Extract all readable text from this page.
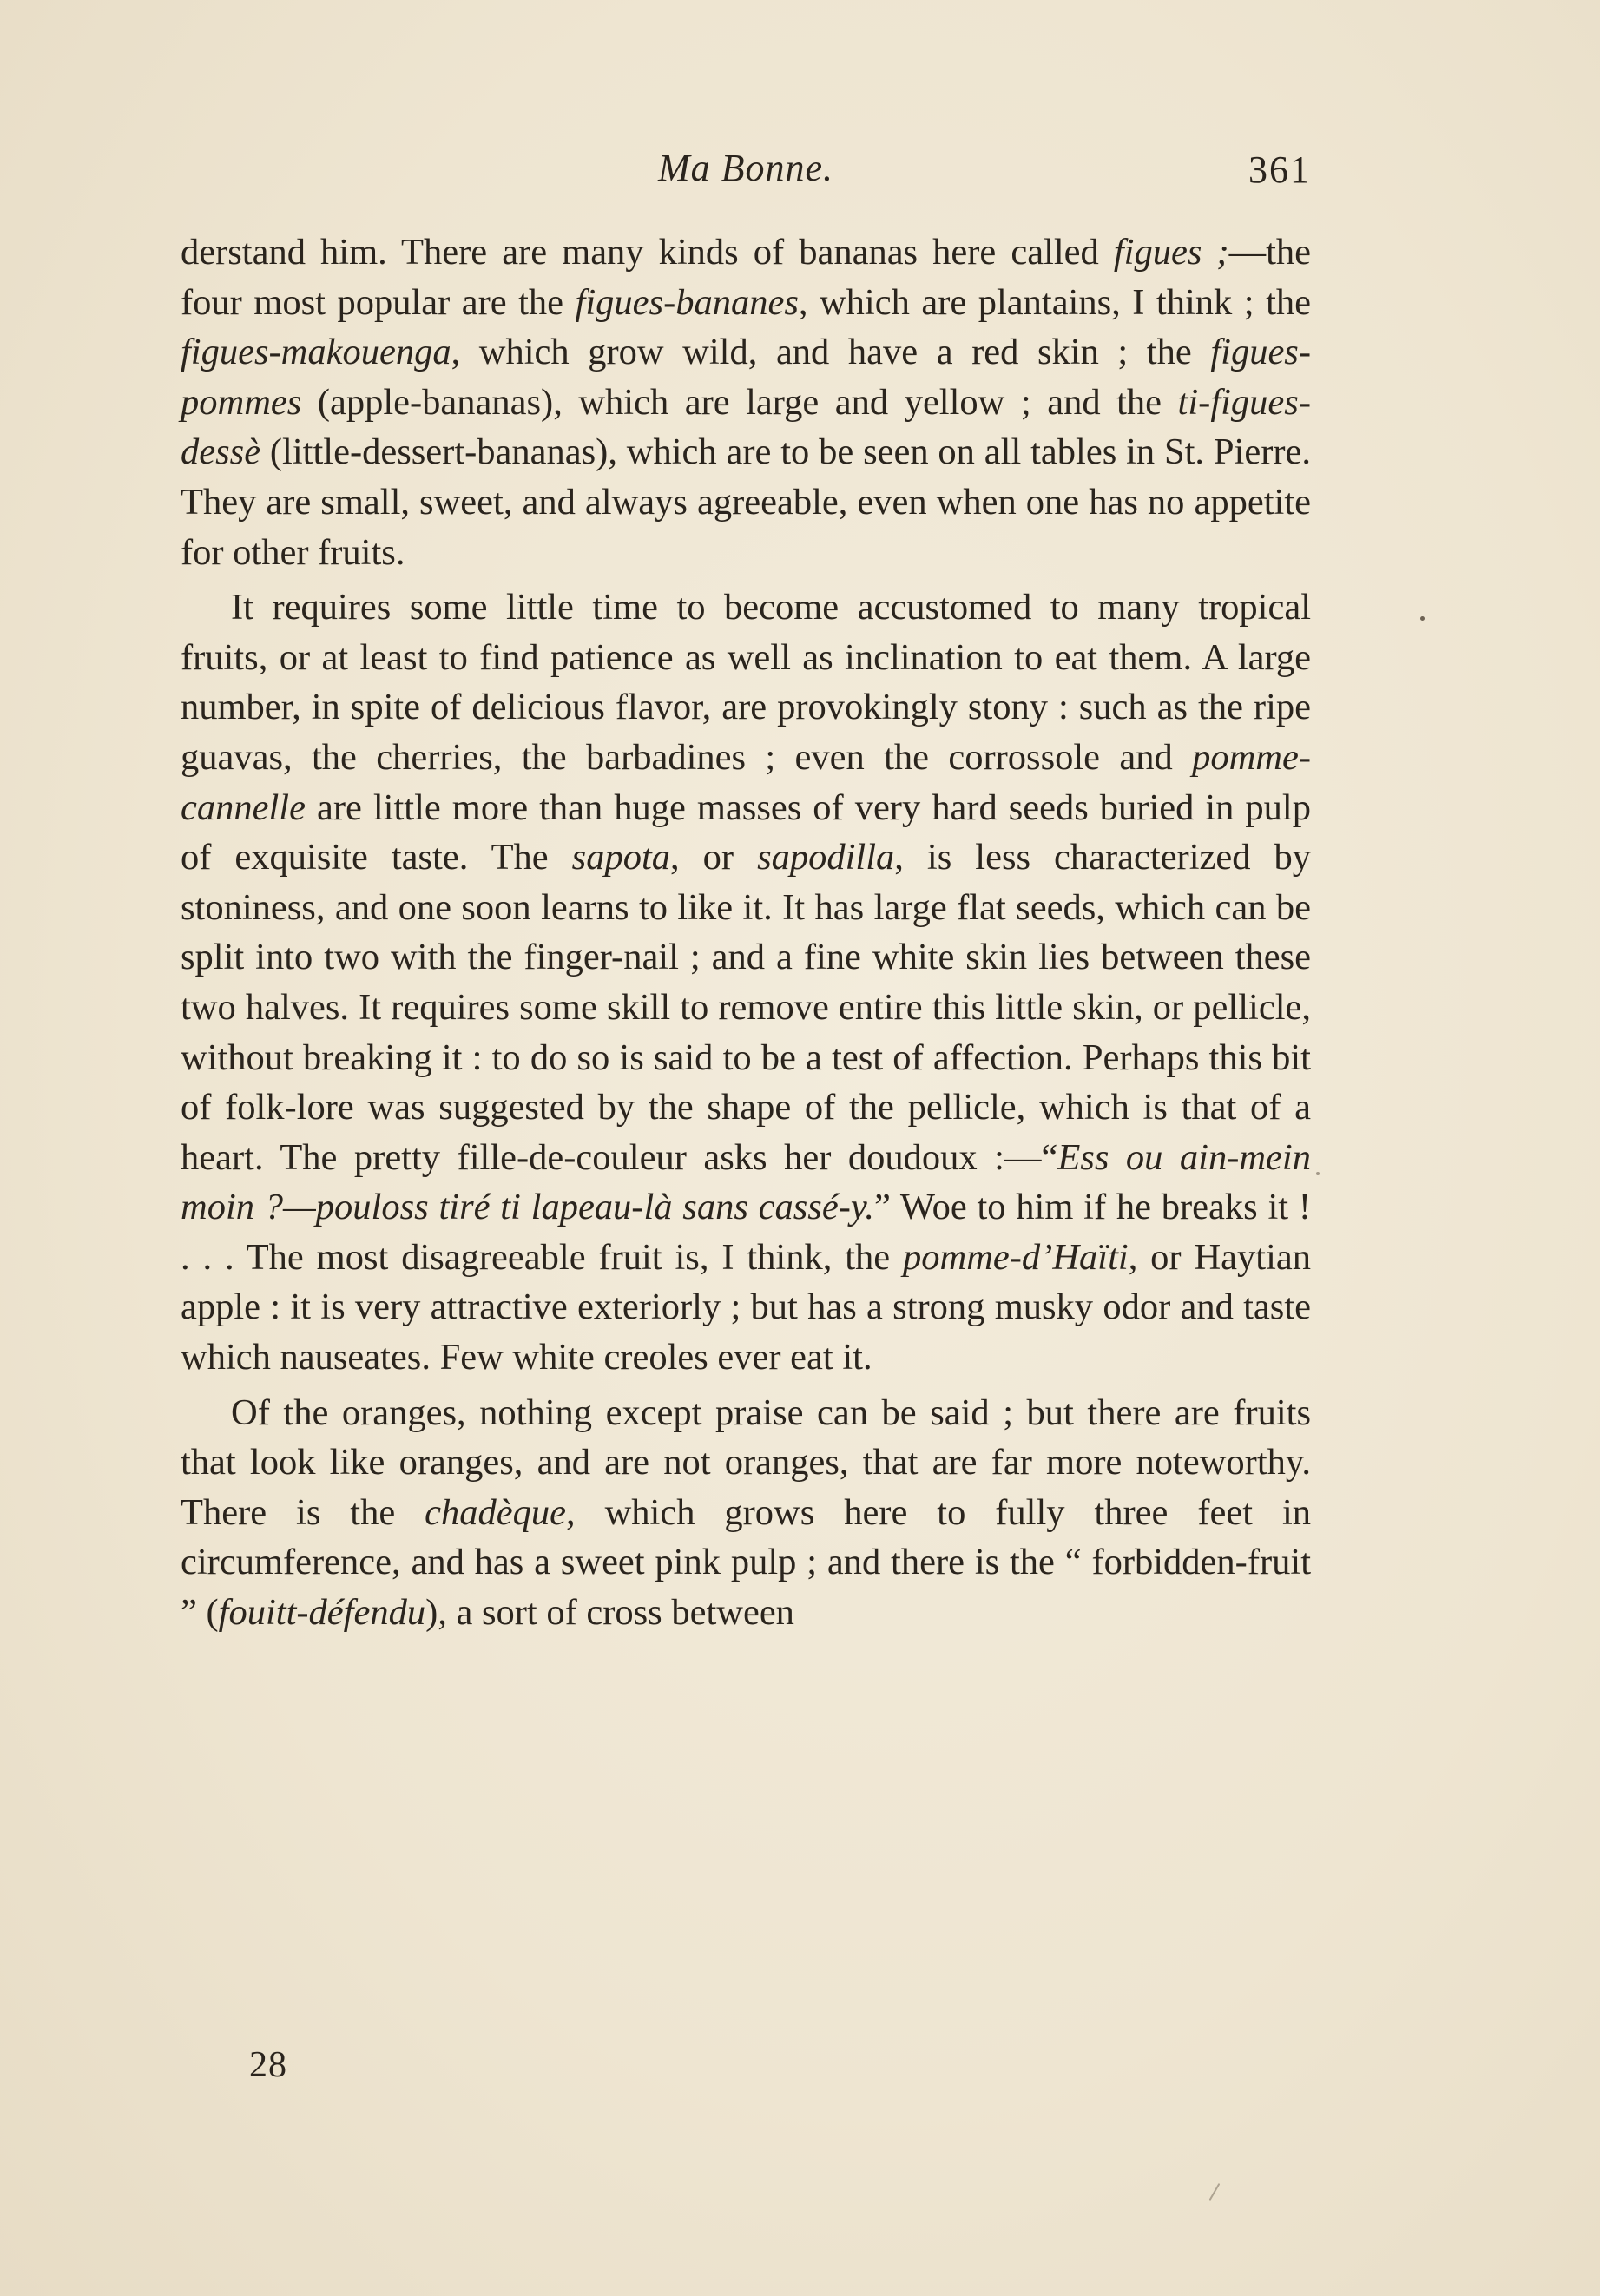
Ma Bonne.	361

derstand him. There are many kinds of bananas here called figues ;—the four most popular are the figues-bananes, which are plantains, I think ; the figues-makouenga, which grow wild, and have a red skin ; the figues-pommes (apple-bananas), which are large and yellow ; and the ti-figues-dessè (little-dessert-bananas), which are to be seen on all tables in St. Pierre. They are small, sweet, and always agreeable, even when one has no appetite for other fruits.

It requires some little time to become accustomed to many tropical fruits, or at least to find patience as well as inclination to eat them. A large number, in spite of delicious flavor, are provokingly stony : such as the ripe guavas, the cherries, the barbadines ; even the corrossole and pomme-cannelle are little more than huge masses of very hard seeds buried in pulp of exquisite taste. The sapota, or sapodilla, is less characterized by stoniness, and one soon learns to like it. It has large flat seeds, which can be split into two with the finger-nail ; and a fine white skin lies between these two halves. It requires some skill to remove entire this little skin, or pellicle, without breaking it : to do so is said to be a test of affection. Perhaps this bit of folk-lore was suggested by the shape of the pellicle, which is that of a heart. The pretty fille-de-couleur asks her doudoux :—“Ess ou ain-mein moin ?—pouloss tiré ti lapeau-là sans cassé-y.” Woe to him if he breaks it ! . . . The most disagreeable fruit is, I think, the pomme-d’Haïti, or Haytian apple : it is very attractive exteriorly ; but has a strong musky odor and taste which nauseates. Few white creoles ever eat it.

Of the oranges, nothing except praise can be said ; but there are fruits that look like oranges, and are not oranges, that are far more noteworthy. There is the chadèque, which grows here to fully three feet in circumference, and has a sweet pink pulp ; and there is the “ forbidden-fruit ” (fouitt-défendu), a sort of cross between

28
